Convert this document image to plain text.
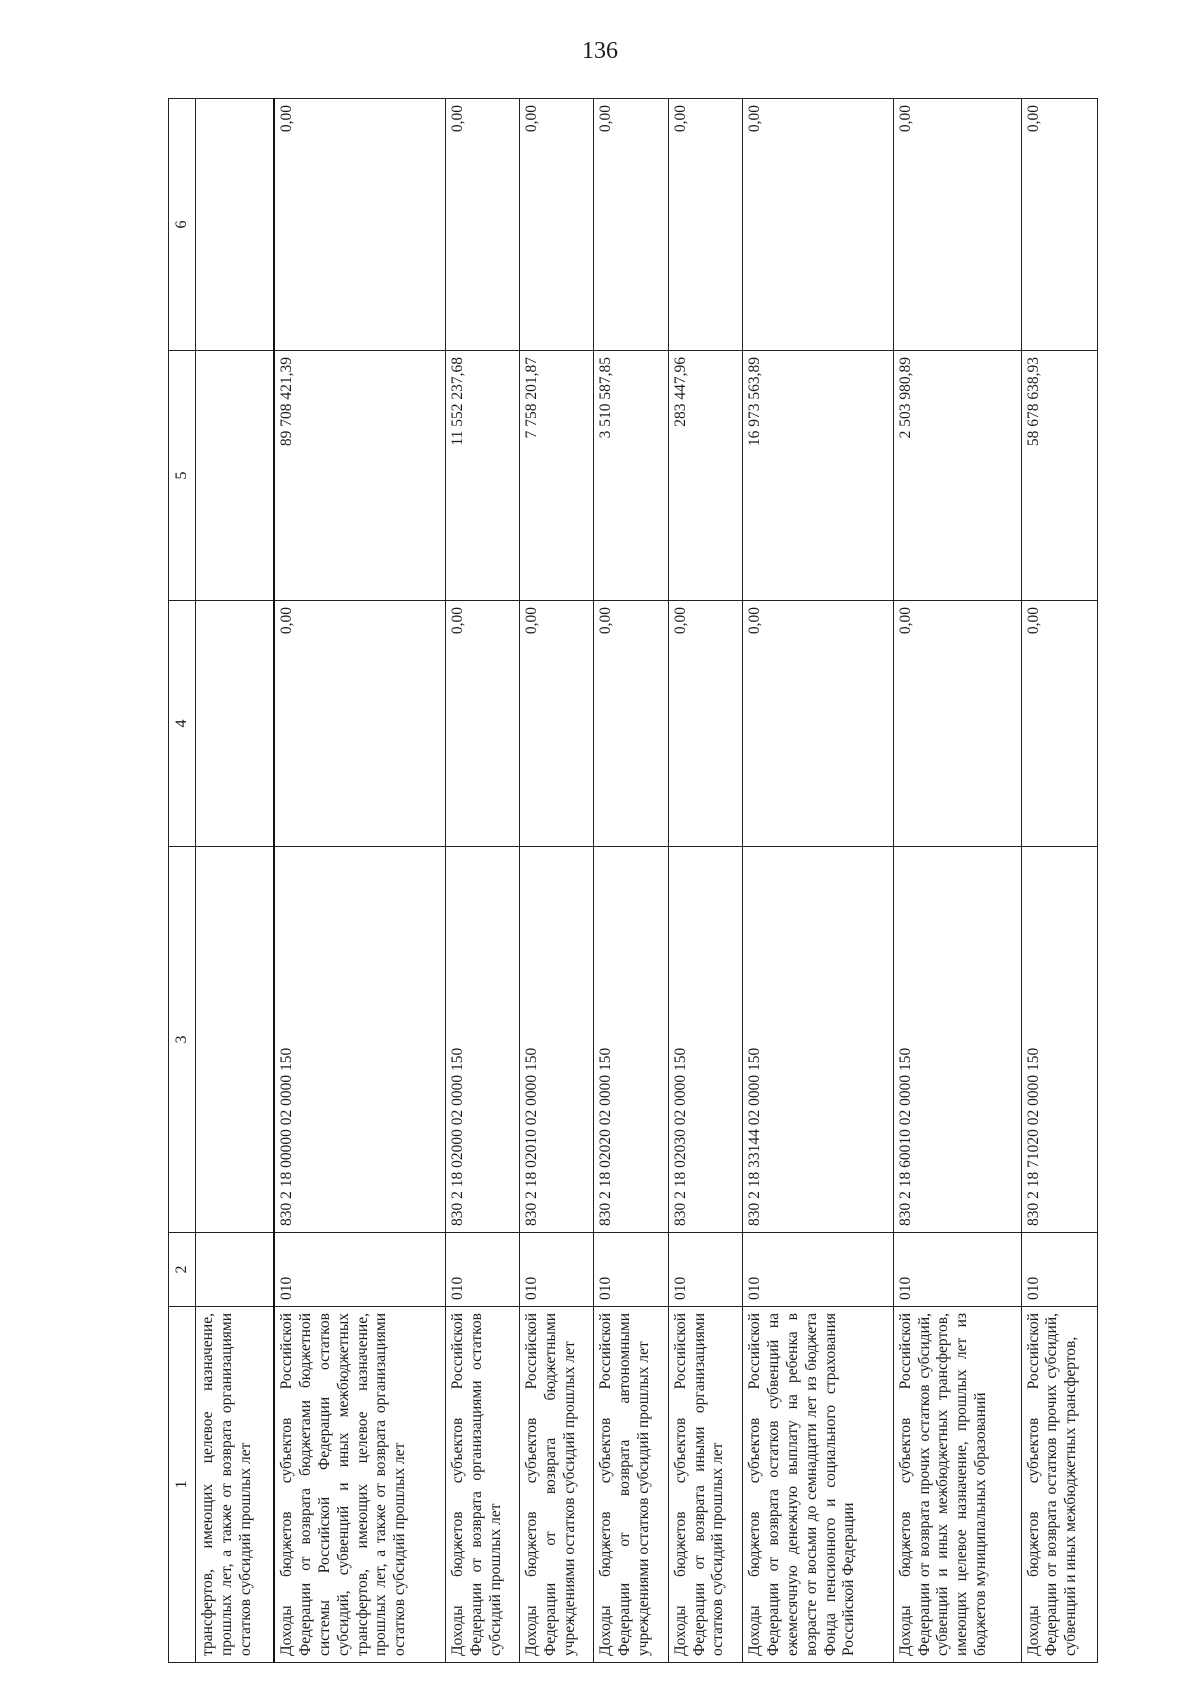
136
1	2	3	4	5	6
трансфертов, имеющих целевое назначение, прошлых лет, а также от возврата организациями остатков субсидий прошлых лет					
Доходы бюджетов субъектов Российской Федерации от возврата бюджетами бюджетной системы Российской Федерации остатков субсидий, субвенций и иных межбюджетных трансфертов, имеющих целевое назначение, прошлых лет, а также от возврата организациями остатков субсидий прошлых лет	010	830 2 18 00000 02 0000 150	0,00	89 708 421,39	0,00
Доходы бюджетов субъектов Российской Федерации от возврата организациями остатков субсидий прошлых лет	010	830 2 18 02000 02 0000 150	0,00	11 552 237,68	0,00
Доходы бюджетов субъектов Российской Федерации от возврата бюджетными учреждениями остатков субсидий прошлых лет	010	830 2 18 02010 02 0000 150	0,00	7 758 201,87	0,00
Доходы бюджетов субъектов Российской Федерации от возврата автономными учреждениями остатков субсидий прошлых лет	010	830 2 18 02020 02 0000 150	0,00	3 510 587,85	0,00
Доходы бюджетов субъектов Российской Федерации от возврата иными организациями остатков субсидий прошлых лет	010	830 2 18 02030 02 0000 150	0,00	283 447,96	0,00
Доходы бюджетов субъектов Российской Федерации от возврата остатков субвенций на ежемесячную денежную выплату на ребенка в возрасте от восьми до семнадцати лет из бюджета Фонда пенсионного и социального страхования Российской Федерации	010	830 2 18 33144 02 0000 150	0,00	16 973 563,89	0,00
Доходы бюджетов субъектов Российской Федерации от возврата прочих остатков субсидий, субвенций и иных межбюджетных трансфертов, имеющих целевое назначение, прошлых лет из бюджетов муниципальных образований	010	830 2 18 60010 02 0000 150	0,00	2 503 980,89	0,00
Доходы бюджетов субъектов Российской Федерации от возврата остатков прочих субсидий, субвенций и иных межбюджетных трансфертов,	010	830 2 18 71020 02 0000 150	0,00	58 678 638,93	0,00
